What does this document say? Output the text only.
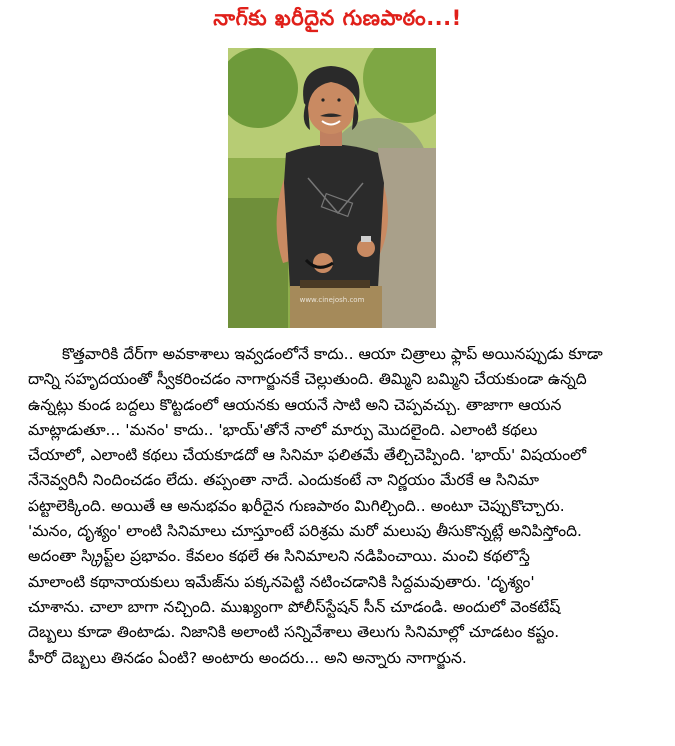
నాగ్‌కు ఖరీదైన గుణపాఠం...!
www.cinejosh.com
కొత్తవారికి దేర్‌గా అవకాశాలు ఇవ్వడంలోనే కాదు.. ఆయా చిత్రాలు ఫ్లాప్ అయినప్పుడు కూడా
దాన్ని సహృదయంతో స్వీకరించడం నాగార్జునకే చెల్లుతుంది. తిమ్మిని బమ్మిని చేయకుండా ఉన్నది
ఉన్నట్లు కుండ బద్దలు కొట్టడంలో ఆయనకు ఆయనే సాటి అని చెప్పవచ్చు. తాజాగా ఆయన
మాట్లాడుతూ... 'మనం' కాదు.. 'భాయ్'తోనే నాలో మార్పు మొదలైంది. ఎలాంటి కథలు
చేయాలో, ఎలాంటి కథలు చేయకూడదో ఆ సినిమా ఫలితమే తేల్చిచెప్పింది. 'భాయ్' విషయంలో
నేనెవ్వరినీ నిందించడం లేదు. తప్పంతా నాదే. ఎందుకంటే నా నిర్ణయం మేరకే ఆ సినిమా
పట్టాలెక్కింది. అయితే ఆ అనుభవం ఖరీదైన గుణపాఠం మిగిల్చింది.. అంటూ చెప్పుకొచ్చారు.
'మనం, దృశ్యం' లాంటి సినిమాలు చూస్తూంటే పరిశ్రమ మరో మలుపు తీసుకొన్నట్లే అనిపిస్తోంది.
అదంతా స్క్రిప్ట్‌ల ప్రభావం. కేవలం కథలే ఈ సినిమాలని నడిపించాయి. మంచి కథలొస్తే
మాలాంటి కథానాయకులు ఇమేజ్‌ను పక్కనపెట్టి నటించడానికి సిద్దమవుతారు. 'దృశ్యం'
చూశాను. చాలా బాగా నచ్చింది. ముఖ్యంగా పోలీస్‌స్టేషన్ సీన్ చూడండి. అందులో వెంకటేష్
దెబ్బలు కూడా తింటాడు. నిజానికి అలాంటి సన్నివేశాలు తెలుగు సినిమాల్లో చూడటం కష్టం.
హీరో దెబ్బలు తినడం ఏంటి? అంటారు అందరు... అని అన్నారు నాగార్జున.
